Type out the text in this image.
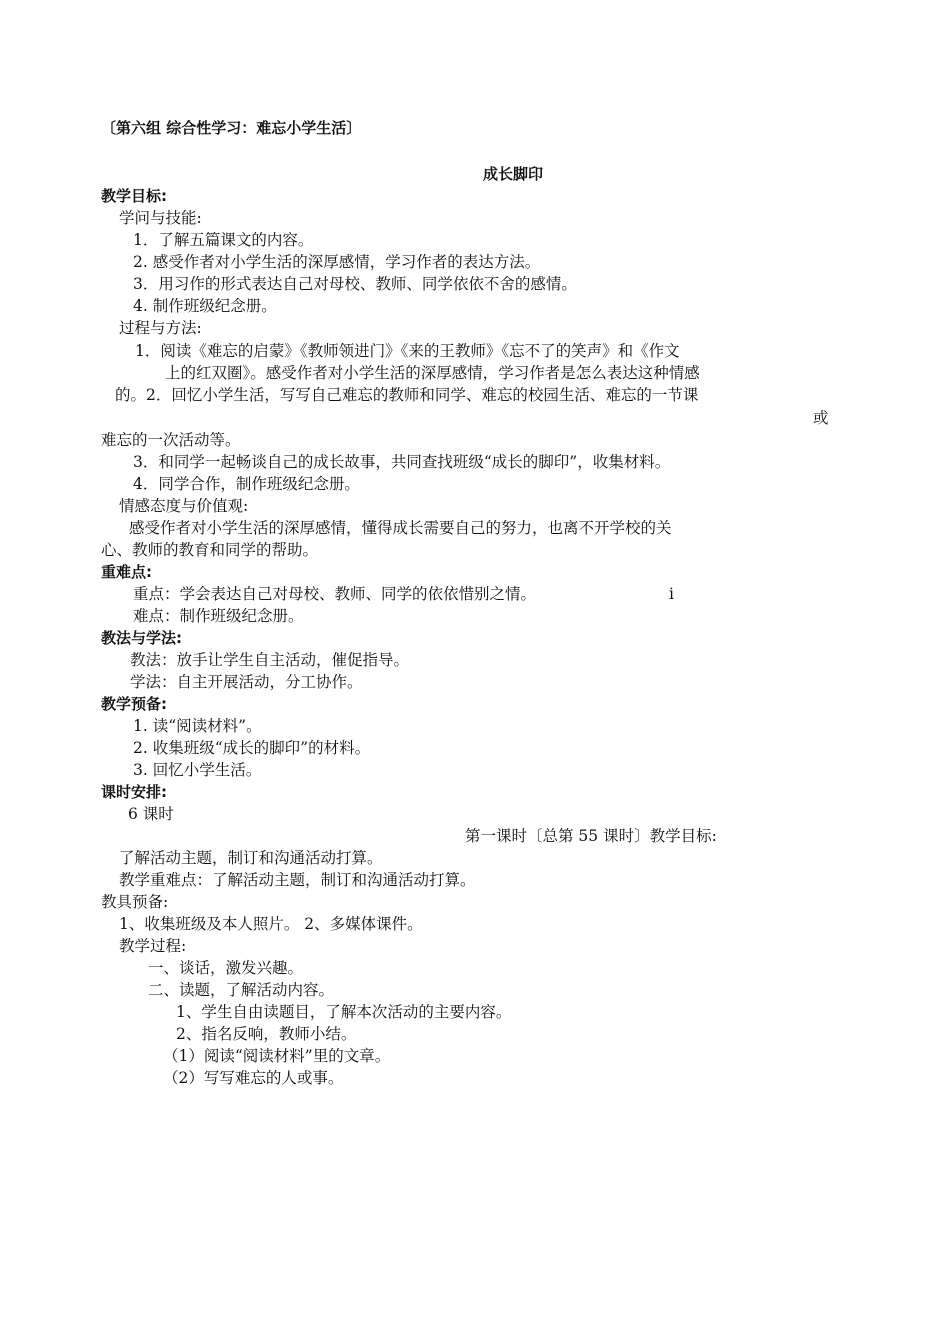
〔第六组 综合性学习：难忘小学生活〕
成长脚印
教学目标:
学问与技能:
1．了解五篇课文的内容。
2. 感受作者对小学生活的深厚感情，学习作者的表达方法。
3．用习作的形式表达自己对母校、教师、同学依依不舍的感情。
4. 制作班级纪念册。
过程与方法:
1．阅读《难忘的启蒙》《教师领进门》《来的王教师》《忘不了的笑声》和《作文
上的红双圈》。感受作者对小学生活的深厚感情，学习作者是怎么表达这种情感
的。2．回忆小学生活，写写自己难忘的教师和同学、难忘的校园生活、难忘的一节课
或
难忘的一次活动等。
3．和同学一起畅谈自己的成长故事，共同查找班级“成长的脚印”，收集材料。
4．同学合作，制作班级纪念册。
情感态度与价值观:
感受作者对小学生活的深厚感情，懂得成长需要自己的努力，也离不开学校的关
心、教师的教育和同学的帮助。
重难点:
重点：学会表达自己对母校、教师、同学的依依惜别之情。	i
难点：制作班级纪念册。
教法与学法:
教法：放手让学生自主活动，催促指导。
学法：自主开展活动，分工协作。
教学预备:
1. 读“阅读材料”。
2. 收集班级“成长的脚印”的材料。
3. 回忆小学生活。
课时安排:
6 课时
第一课时〔总第 55 课时〕教学目标:
了解活动主题，制订和沟通活动打算。
教学重难点：了解活动主题，制订和沟通活动打算。
教具预备:
1、收集班级及本人照片。 2、多媒体课件。
教学过程:
一、谈话，激发兴趣。
二、读题，了解活动内容。
1、学生自由读题目，了解本次活动的主要内容。
2、指名反响，教师小结。
（1）阅读“阅读材料”里的文章。
（2）写写难忘的人或事。
